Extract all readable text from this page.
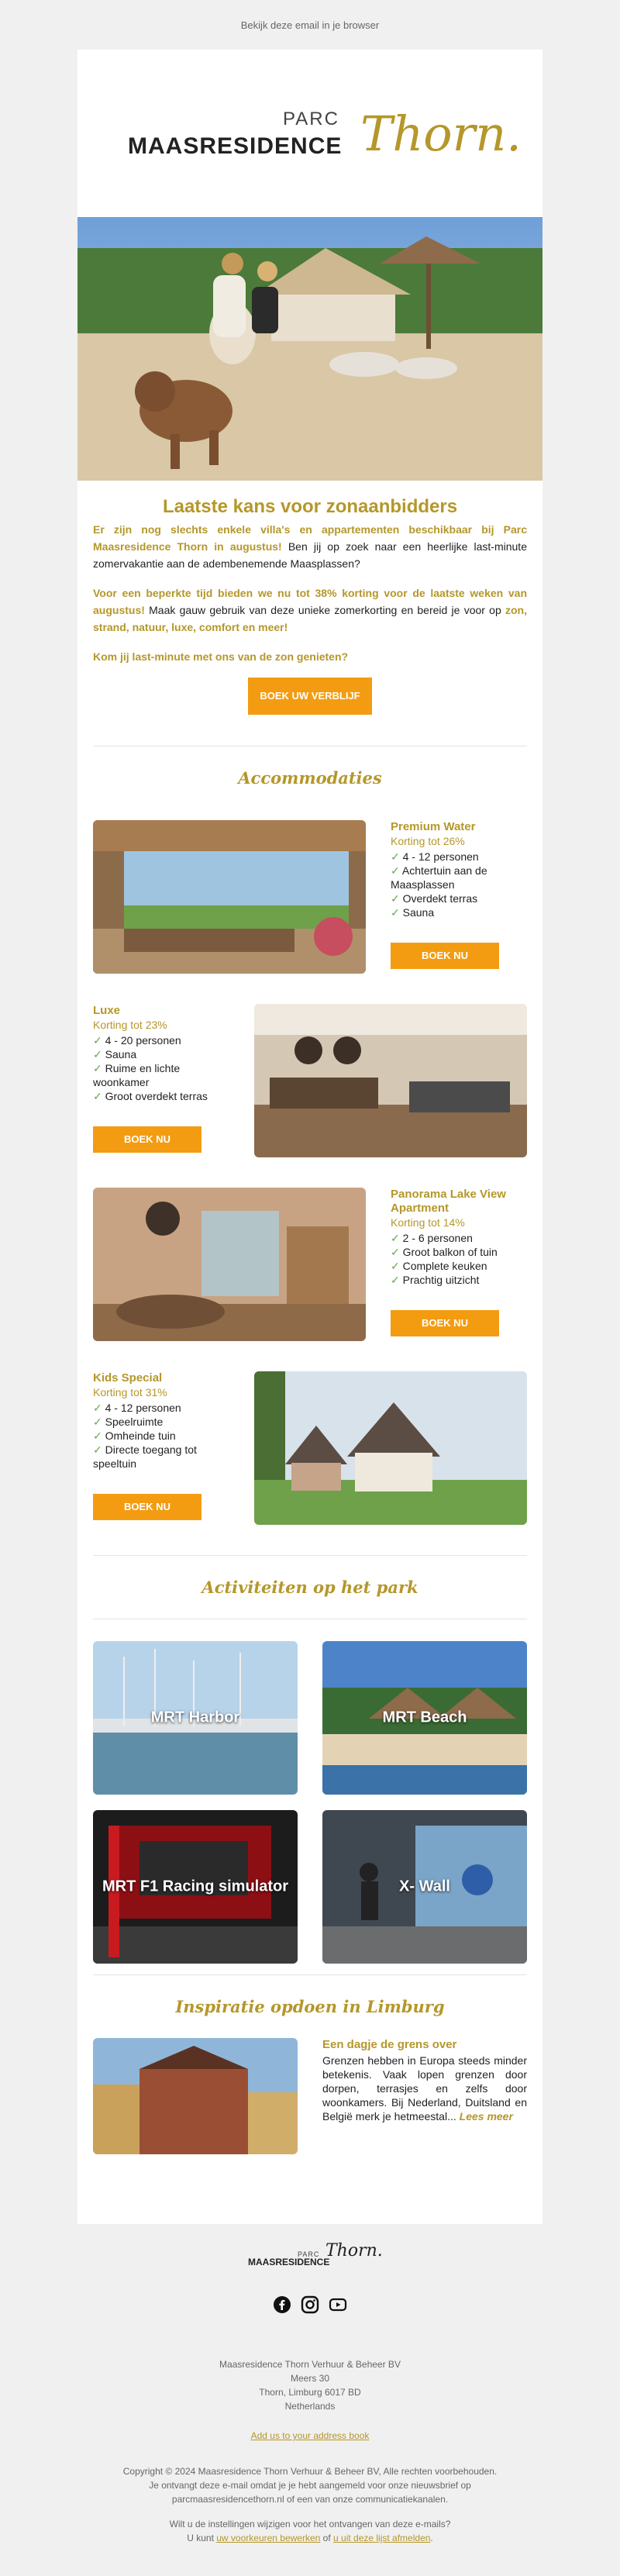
Bekijk deze email in je browser
PARC
MAASRESIDENCE Thorn.
Laatste kans voor zonaanbidders

Er zijn nog slechts enkele villa's en appartementen beschikbaar bij Parc Maasresidence Thorn in augustus! Ben jij op zoek naar een heerlijke last-minute zomervakantie aan de adembenemende Maasplassen?

Voor een beperkte tijd bieden we nu tot 38% korting voor de laatste weken van augustus! Maak gauw gebruik van deze unieke zomerkorting en bereid je voor op zon, strand, natuur, luxe, comfort en meer!

Kom jij last-minute met ons van de zon genieten?

BOEK UW VERBLIJF
Accommodaties
Premium Water
Korting tot 26%
✓ 4 - 12 personen
✓ Achtertuin aan de Maasplassen
✓ Overdekt terras
✓ Sauna
BOEK NU
Luxe
Korting tot 23%
✓ 4 - 20 personen
✓ Sauna
✓ Ruime en lichte woonkamer
✓ Groot overdekt terras
BOEK NU
Panorama Lake View Apartment
Korting tot 14%
✓ 2 - 6 personen
✓ Groot balkon of tuin
✓ Complete keuken
✓ Prachtig uitzicht
BOEK NU
Kids Special
Korting tot 31%
✓ 4 - 12 personen
✓ Speelruimte
✓ Omheinde tuin
✓ Directe toegang tot speeltuin
BOEK NU
Activiteiten op het park
MRT Harbor	MRT Beach
MRT F1 Racing simulator	X- Wall
Inspiratie opdoen in Limburg
Een dagje de grens over
Grenzen hebben in Europa steeds minder betekenis. Vaak lopen grenzen door dorpen, terrasjes en zelfs door woonkamers. Bij Nederland, Duitsland en België merk je hetmeestal... Lees meer
PARC
MAASRESIDENCE
Thorn.
Maasresidence Thorn Verhuur & Beheer BV
Meers 30
Thorn, Limburg 6017 BD
Netherlands
Add us to your address book
Copyright © 2024 Maasresidence Thorn Verhuur & Beheer BV, Alle rechten voorbehouden.
Je ontvangt deze e-mail omdat je je hebt aangemeld voor onze nieuwsbrief op parcmaasresidencethorn.nl of een van onze communicatiekanalen.
Wilt u de instellingen wijzigen voor het ontvangen van deze e-mails?
U kunt uw voorkeuren bewerken of u uit deze lijst afmelden.
